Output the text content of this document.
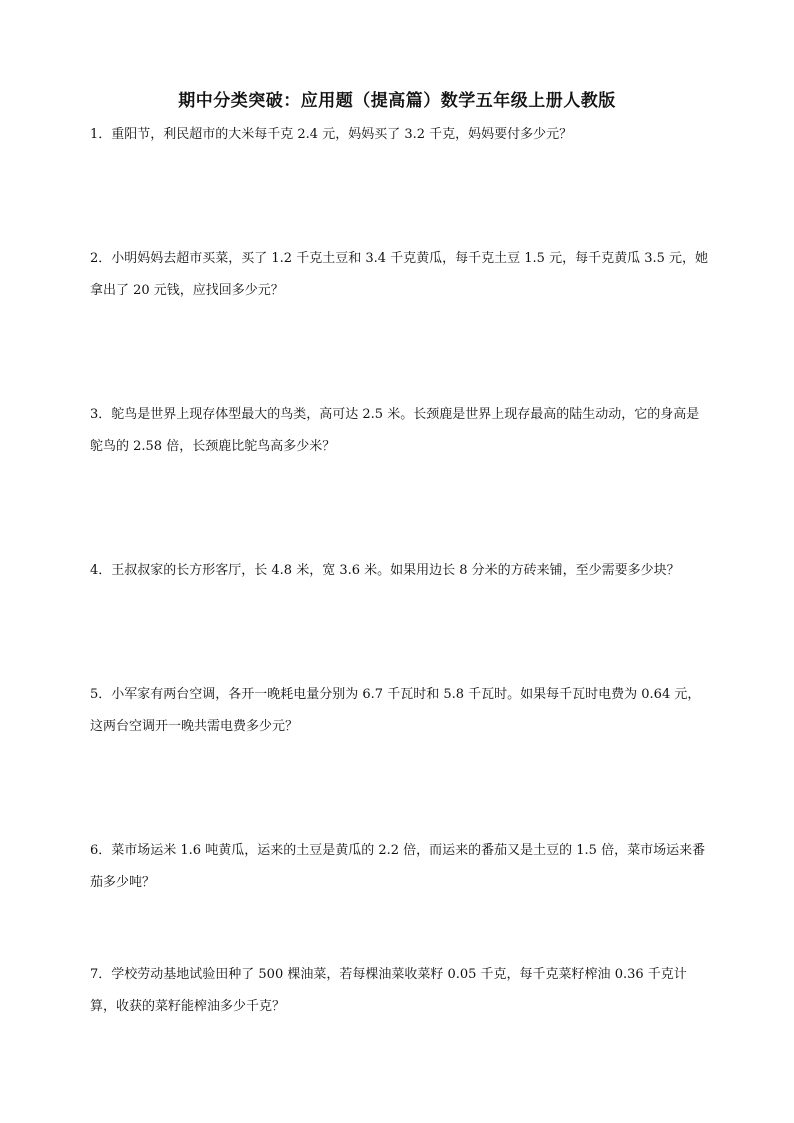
期中分类突破：应用题（提高篇）数学五年级上册人教版
1．重阳节，利民超市的大米每千克 2.4 元，妈妈买了 3.2 千克，妈妈要付多少元？
2．小明妈妈去超市买菜，买了 1.2 千克土豆和 3.4 千克黄瓜，每千克土豆 1.5 元，每千克黄瓜 3.5 元，她拿出了 20 元钱，应找回多少元？
3．鸵鸟是世界上现存体型最大的鸟类，高可达 2.5 米。长颈鹿是世界上现存最高的陆生动动，它的身高是鸵鸟的 2.58 倍，长颈鹿比鸵鸟高多少米？
4．王叔叔家的长方形客厅，长 4.8 米，宽 3.6 米。如果用边长 8 分米的方砖来铺，至少需要多少块？
5．小军家有两台空调，各开一晚耗电量分别为 6.7 千瓦时和 5.8 千瓦时。如果每千瓦时电费为 0.64 元，这两台空调开一晚共需电费多少元？
6．菜市场运米 1.6 吨黄瓜，运来的土豆是黄瓜的 2.2 倍，而运来的番茄又是土豆的 1.5 倍，菜市场运来番茄多少吨？
7．学校劳动基地试验田种了 500 棵油菜，若每棵油菜收菜籽 0.05 千克，每千克菜籽榨油 0.36 千克计算，收获的菜籽能榨油多少千克？
